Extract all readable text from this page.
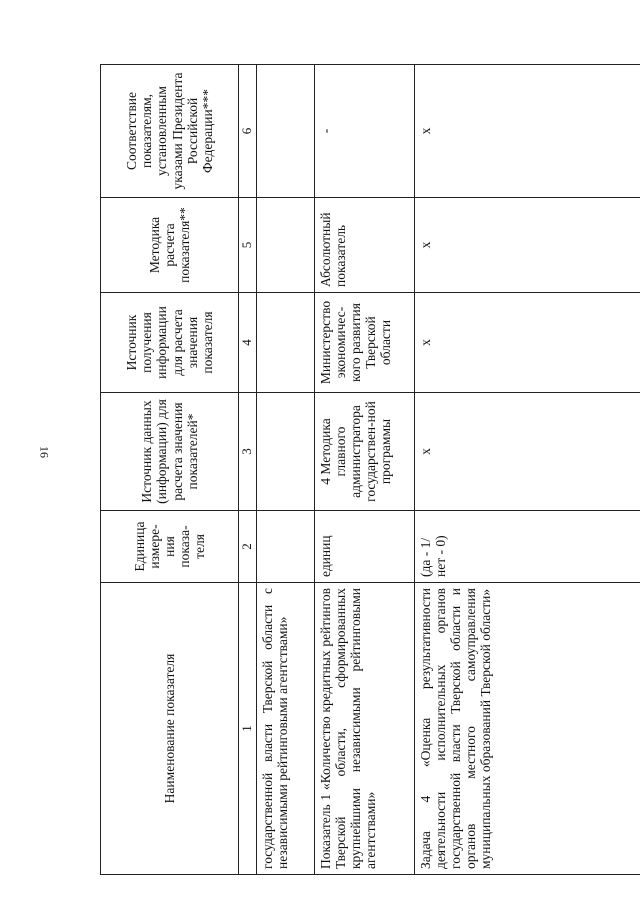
16
Наименование показателя	Единица измере-ния показа-теля	Источник данных (информации) для расчета значения показателей*	Источник получения информации для расчета значения показателя	Методика расчета показателя**	Соответствие показателям, установленным указами Президента Российской Федерации***
1	2	3	4	5	6
государственной власти Тверской области с независимыми рейтинговыми агентствами»					
Показатель 1 «Количество кредитных рейтингов Тверской области, сформированных крупнейшими независимыми рейтинговыми агентствами»	единиц	4 Методика главного администратора государствен-ной программы	Министерство экономичес-кого развития Тверской области	Абсолютный показатель	-
Задача 4 «Оценка результативности деятельности исполнительных органов государственной власти Тверской области и органов местного самоуправления муниципальных образований Тверской области»	(да - 1/ нет - 0)	х	х	х	х
